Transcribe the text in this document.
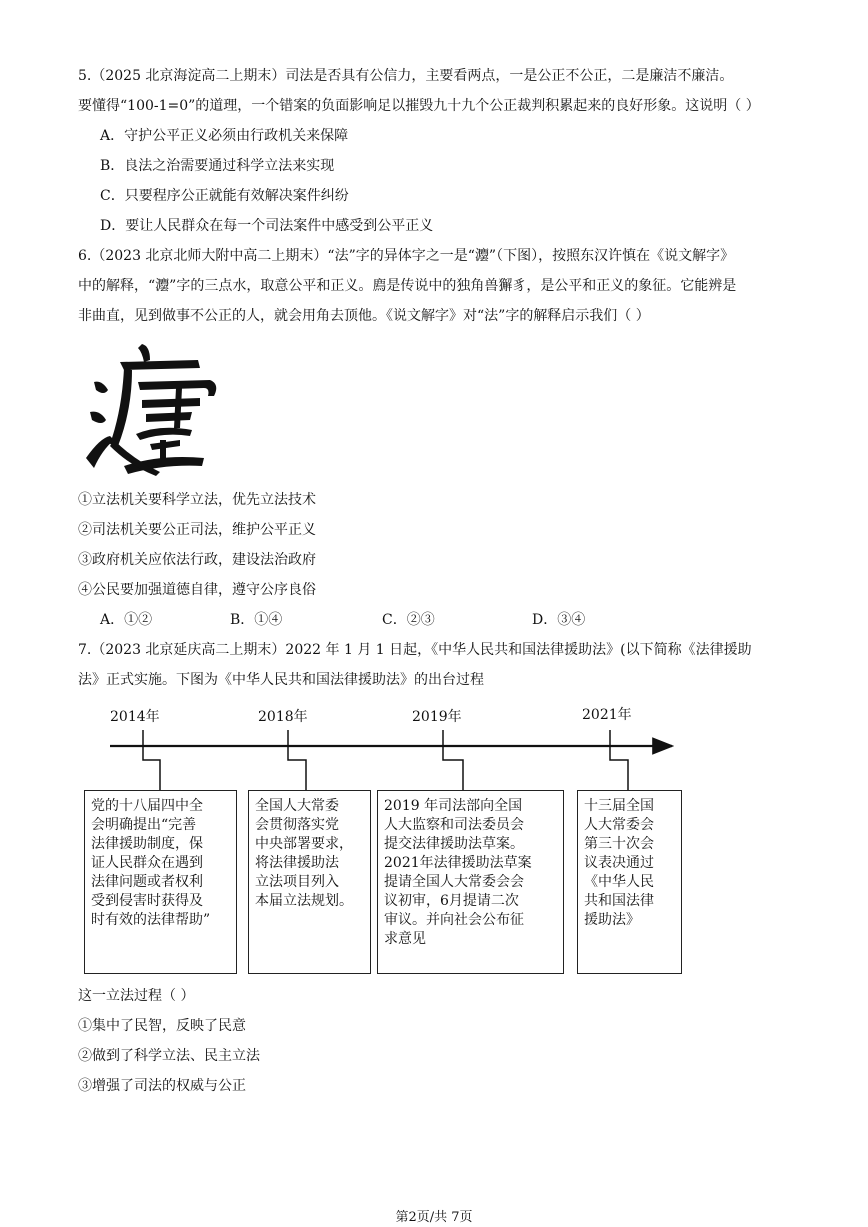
5.（2025 北京海淀高二上期末）司法是否具有公信力，主要看两点，一是公正不公正，二是廉洁不廉洁。
要懂得“100-1=0”的道理，一个错案的负面影响足以摧毁九十九个公正裁判积累起来的良好形象。这说明（ ）
A．守护公平正义必须由行政机关来保障
B．良法之治需要通过科学立法来实现
C．只要程序公正就能有效解决案件纠纷
D．要让人民群众在每一个司法案件中感受到公平正义
6.（2023 北京北师大附中高二上期末）“法”字的异体字之一是“灋”（下图），按照东汉许慎在《说文解字》
中的解释，“灋”字的三点水，取意公平和正义。廌是传说中的独角兽獬豸，是公平和正义的象征。它能辨是
非曲直，见到做事不公正的人，就会用角去顶他。《说文解字》对“法”字的解释启示我们（ ）
①立法机关要科学立法，优先立法技术
②司法机关要公正司法，维护公平正义
③政府机关应依法行政，建设法治政府
④公民要加强道德自律，遵守公序良俗
A．①②	B．①④	C．②③	D．③④
7.（2023 北京延庆高二上期末）2022 年 1 月 1 日起，《中华人民共和国法律援助法》(以下简称《法律援助
法》正式实施。下图为《中华人民共和国法律援助法》的出台过程
2014年	2018年	2019年	2021年
党的十八届四中全
会明确提出“完善
法律援助制度，保
证人民群众在遇到
法律问题或者权利
受到侵害时获得及
时有效的法律帮助”
全国人大常委
会贯彻落实党
中央部署要求，
将法律援助法
立法项目列入
本届立法规划。
2019 年司法部向全国
人大监察和司法委员会
提交法律援助法草案。
2021年法律援助法草案
提请全国人大常委会会
议初审，6月提请二次
审议。并向社会公布征
求意见
十三届全国
人大常委会
第三十次会
议表决通过
《中华人民
共和国法律
援助法》
这一立法过程（ ）
①集中了民智，反映了民意
②做到了科学立法、民主立法
③增强了司法的权威与公正
第2页/共 7页
